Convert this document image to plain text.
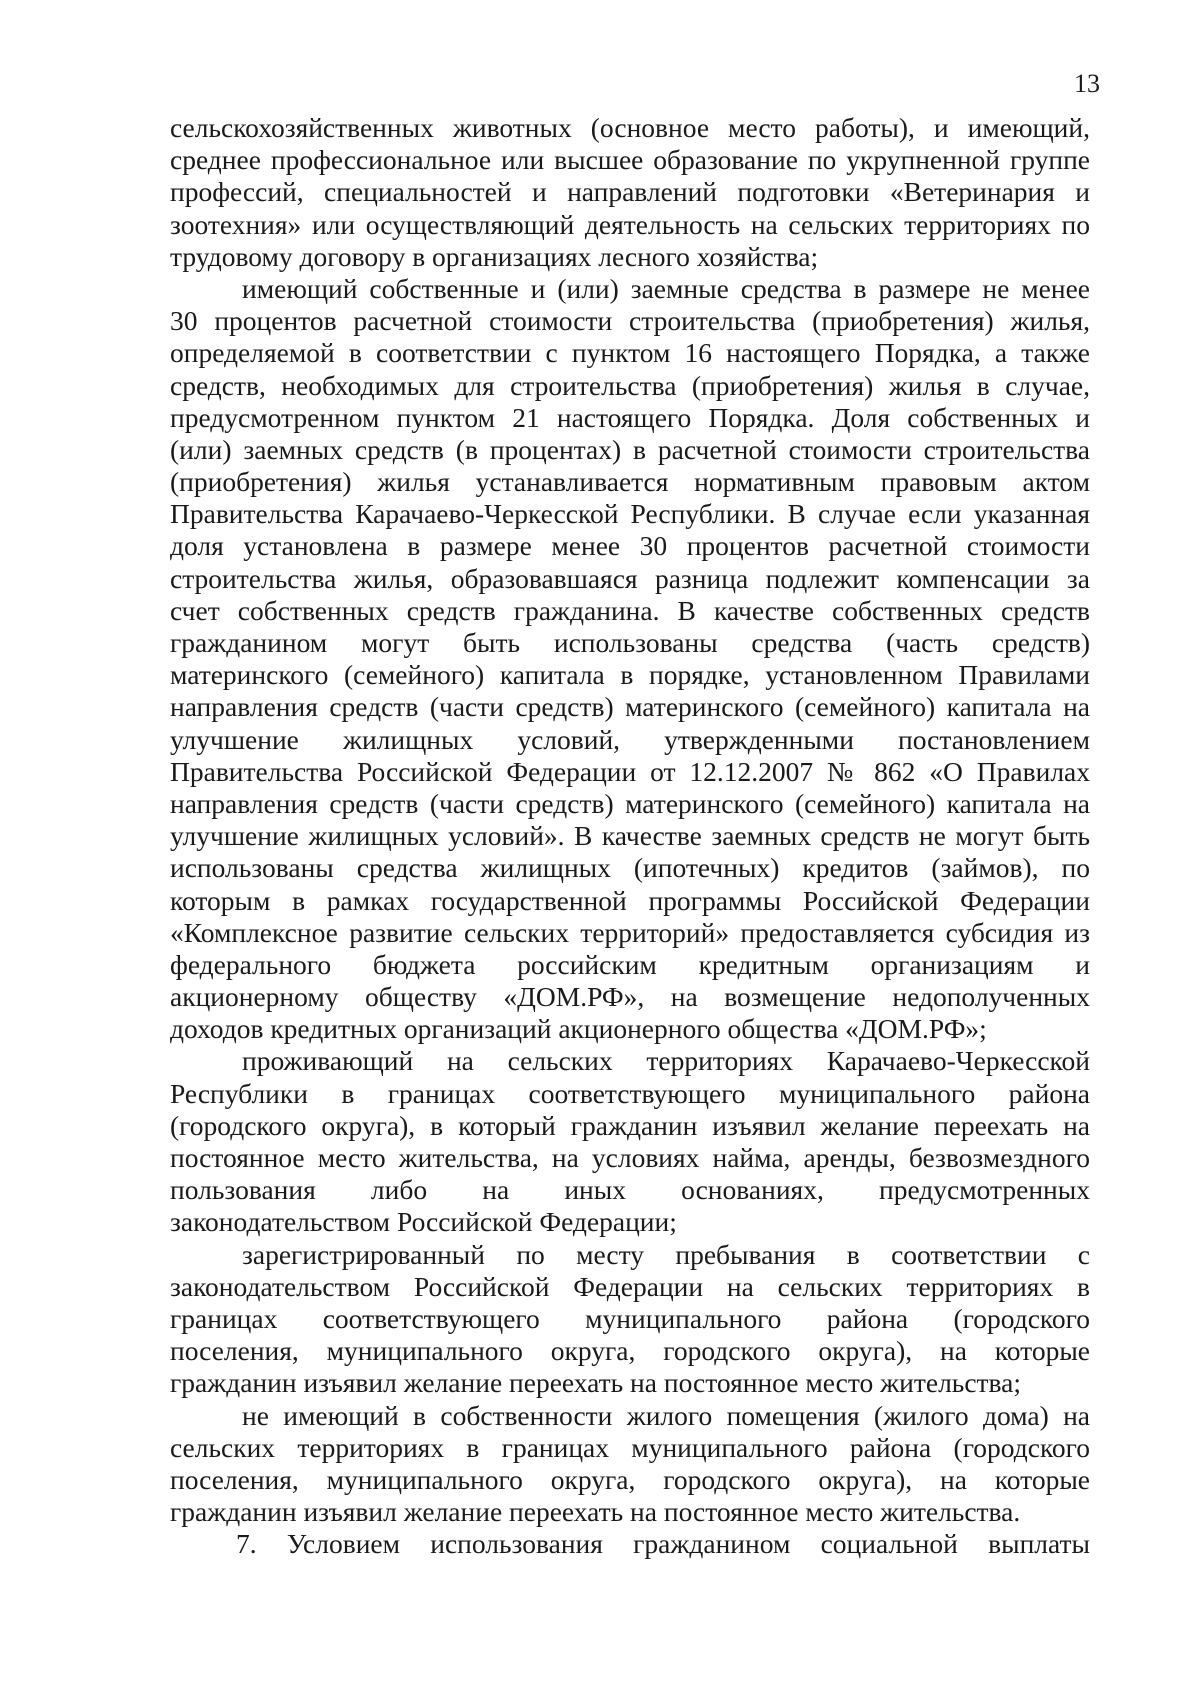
13
сельскохозяйственных животных (основное место работы), и имеющий,
среднее профессиональное или высшее образование по укрупненной группе
профессий, специальностей и направлений подготовки «Ветеринария и
зоотехния» или осуществляющий деятельность на сельских территориях по
трудовому договору в организациях лесного хозяйства;
имеющий собственные и (или) заемные средства в размере не менее
30 процентов расчетной стоимости строительства (приобретения) жилья,
определяемой в соответствии с пунктом 16 настоящего Порядка, а также
средств, необходимых для строительства (приобретения) жилья в случае,
предусмотренном пунктом 21 настоящего Порядка. Доля собственных и
(или) заемных средств (в процентах) в расчетной стоимости строительства
(приобретения) жилья устанавливается нормативным правовым актом
Правительства Карачаево-Черкесской Республики. В случае если указанная
доля установлена в размере менее 30 процентов расчетной стоимости
строительства жилья, образовавшаяся разница подлежит компенсации за
счет собственных средств гражданина. В качестве собственных средств
гражданином могут быть использованы средства (часть средств)
материнского (семейного) капитала в порядке, установленном Правилами
направления средств (части средств) материнского (семейного) капитала на
улучшение жилищных условий, утвержденными постановлением
Правительства Российской Федерации от 12.12.2007 № 862 «О Правилах
направления средств (части средств) материнского (семейного) капитала на
улучшение жилищных условий». В качестве заемных средств не могут быть
использованы средства жилищных (ипотечных) кредитов (займов), по
которым в рамках государственной программы Российской Федерации
«Комплексное развитие сельских территорий» предоставляется субсидия из
федерального бюджета российским кредитным организациям и
акционерному обществу «ДОМ.РФ», на возмещение недополученных
доходов кредитных организаций акционерного общества «ДОМ.РФ»;
проживающий на сельских территориях Карачаево-Черкесской
Республики в границах соответствующего муниципального района
(городского округа), в который гражданин изъявил желание переехать на
постоянное место жительства, на условиях найма, аренды, безвозмездного
пользования либо на иных основаниях, предусмотренных
законодательством Российской Федерации;
зарегистрированный по месту пребывания в соответствии с
законодательством Российской Федерации на сельских территориях в
границах соответствующего муниципального района (городского
поселения, муниципального округа, городского округа), на которые
гражданин изъявил желание переехать на постоянное место жительства;
не имеющий в собственности жилого помещения (жилого дома) на
сельских территориях в границах муниципального района (городского
поселения, муниципального округа, городского округа), на которые
гражданин изъявил желание переехать на постоянное место жительства.
7. Условием использования гражданином социальной выплаты
